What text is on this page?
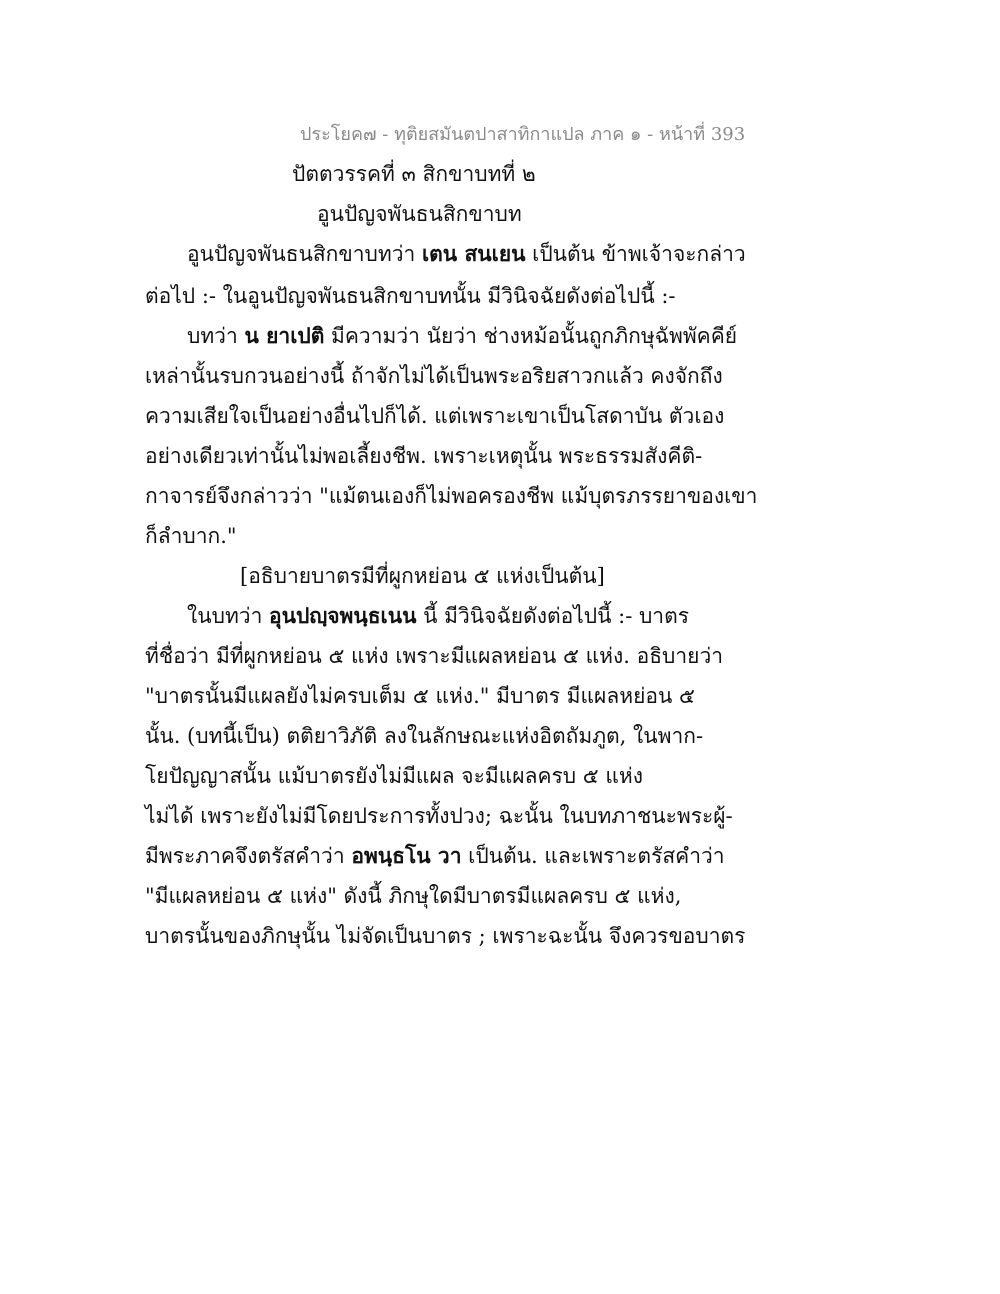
ประโยค๗ - ทุติยสมันตปาสาทิกาแปล ภาค ๑ - หน้าที่ 393
ปัตตวรรคที่ ๓ สิกขาบทที่ ๒
อูนปัญจพันธนสิกขาบท
อูนปัญจพันธนสิกขาบทว่า เตน สนเยน เป็นต้น ข้าพเจ้าจะกล่าว
ต่อไป :- ในอูนปัญจพันธนสิกขาบทนั้น มีวินิจฉัยดังต่อไปนี้ :-
บทว่า น ยาเปติ มีความว่า นัยว่า ช่างหม้อนั้นถูกภิกษุฉัพพัคคีย์
เหล่านั้นรบกวนอย่างนี้ ถ้าจักไม่ได้เป็นพระอริยสาวกแล้ว คงจักถึง
ความเสียใจเป็นอย่างอื่นไปก็ได้. แต่เพราะเขาเป็นโสดาบัน ตัวเอง
อย่างเดียวเท่านั้นไม่พอเลี้ยงชีพ. เพราะเหตุนั้น พระธรรมสังคีติ-
กาจารย์จึงกล่าวว่า "แม้ตนเองก็ไม่พอครองชีพ แม้บุตรภรรยาของเขา
ก็ลำบาก."
[อธิบายบาตรมีที่ผูกหย่อน ๕ แห่งเป็นต้น]
ในบทว่า อุนปญฺจพนฺธเนน นี้ มีวินิจฉัยดังต่อไปนี้ :- บาตร
ที่ชื่อว่า มีที่ผูกหย่อน ๕ แห่ง เพราะมีแผลหย่อน ๕ แห่ง. อธิบายว่า
"บาตรนั้นมีแผลยังไม่ครบเต็ม ๕ แห่ง." มีบาตร มีแผลหย่อน ๕
นั้น. (บทนี้เป็น) ตติยาวิภัติ ลงในลักษณะแห่งอิตถัมภูต, ในพาก-
โยปัญญาสนั้น แม้บาตรยังไม่มีแผล จะมีแผลครบ ๕ แห่ง
ไม่ได้ เพราะยังไม่มีโดยประการทั้งปวง; ฉะนั้น ในบทภาชนะพระผู้-
มีพระภาคจึงตรัสคำว่า อพนฺธโน วา เป็นต้น. และเพราะตรัสคำว่า
"มีแผลหย่อน ๕ แห่ง" ดังนี้ ภิกษุใดมีบาตรมีแผลครบ ๕ แห่ง,
บาตรนั้นของภิกษุนั้น ไม่จัดเป็นบาตร ; เพราะฉะนั้น จึงควรขอบาตร
